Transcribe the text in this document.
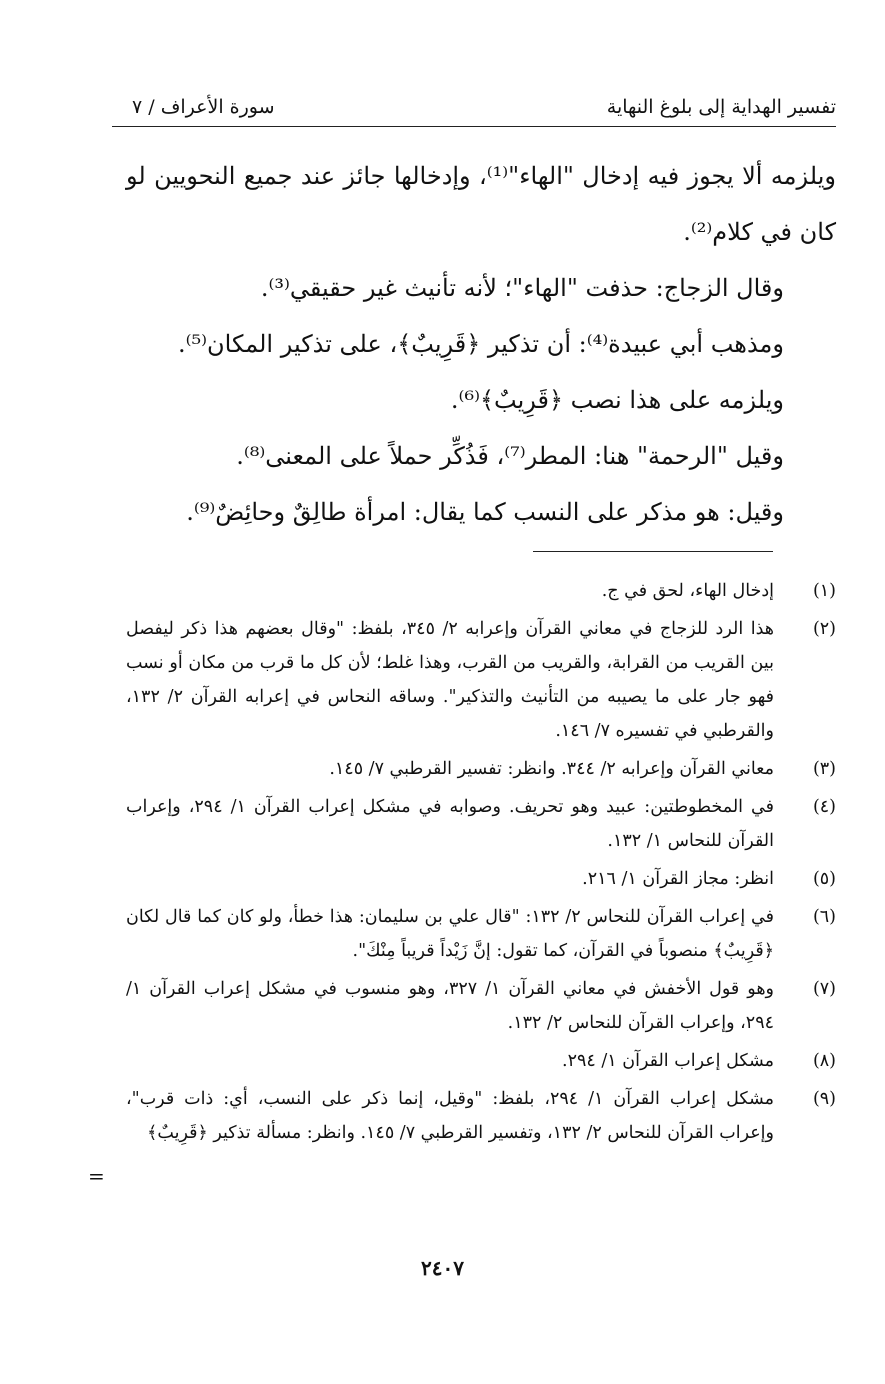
تفسير الهداية إلى بلوغ النهاية
سورة الأعراف / ٧

ويلزمه ألا يجوز فيه إدخال "الهاء"⁽¹⁾، وإدخالها جائز عند جميع النحويين لو كان في كلام⁽²⁾.

وقال الزجاج: حذفت "الهاء"؛ لأنه تأنيث غير حقيقي⁽³⁾.

ومذهب أبي عبيدة⁽⁴⁾: أن تذكير ﴿قَرِيبٌ﴾، على تذكير المكان⁽⁵⁾.

ويلزمه على هذا نصب ﴿قَرِيبٌ﴾⁽⁶⁾.

وقيل "الرحمة" هنا: المطر⁽⁷⁾، فَذُكِّر حملاً على المعنى⁽⁸⁾.

وقيل: هو مذكر على النسب كما يقال: امرأة طالِقٌ وحائِضٌ⁽⁹⁾.

(١)
إدخال الهاء، لحق في ج.
(٢)
هذا الرد للزجاج في معاني القرآن وإعرابه ٢/ ٣٤٥، بلفظ: "وقال بعضهم هذا ذكر ليفصل بين القريب من القرابة، والقريب من القرب، وهذا غلط؛ لأن كل ما قرب من مكان أو نسب فهو جار على ما يصيبه من التأنيث والتذكير". وساقه النحاس في إعرابه القرآن ٢/ ١٣٢، والقرطبي في تفسيره ٧/ ١٤٦.
(٣)
معاني القرآن وإعرابه ٢/ ٣٤٤. وانظر: تفسير القرطبي ٧/ ١٤٥.
(٤)
في المخطوطتين: عبيد وهو تحريف. وصوابه في مشكل إعراب القرآن ١/ ٢٩٤، وإعراب القرآن للنحاس ١/ ١٣٢.
(٥)
انظر: مجاز القرآن ١/ ٢١٦.
(٦)
في إعراب القرآن للنحاس ٢/ ١٣٢: "قال علي بن سليمان: هذا خطأ، ولو كان كما قال لكان ﴿قَرِيبٌ﴾ منصوباً في القرآن، كما تقول: إنَّ زَيْداً قريباً مِنْكَ".
(٧)
وهو قول الأخفش في معاني القرآن ١/ ٣٢٧، وهو منسوب في مشكل إعراب القرآن ١/ ٢٩٤، وإعراب القرآن للنحاس ٢/ ١٣٢.
(٨)
مشكل إعراب القرآن ١/ ٢٩٤.
(٩)
مشكل إعراب القرآن ١/ ٢٩٤، بلفظ: "وقيل، إنما ذكر على النسب، أي: ذات قرب"، وإعراب القرآن للنحاس ٢/ ١٣٢، وتفسير القرطبي ٧/ ١٤٥. وانظر: مسألة تذكير ﴿قَرِيبٌ﴾
=
٢٤٠٧
